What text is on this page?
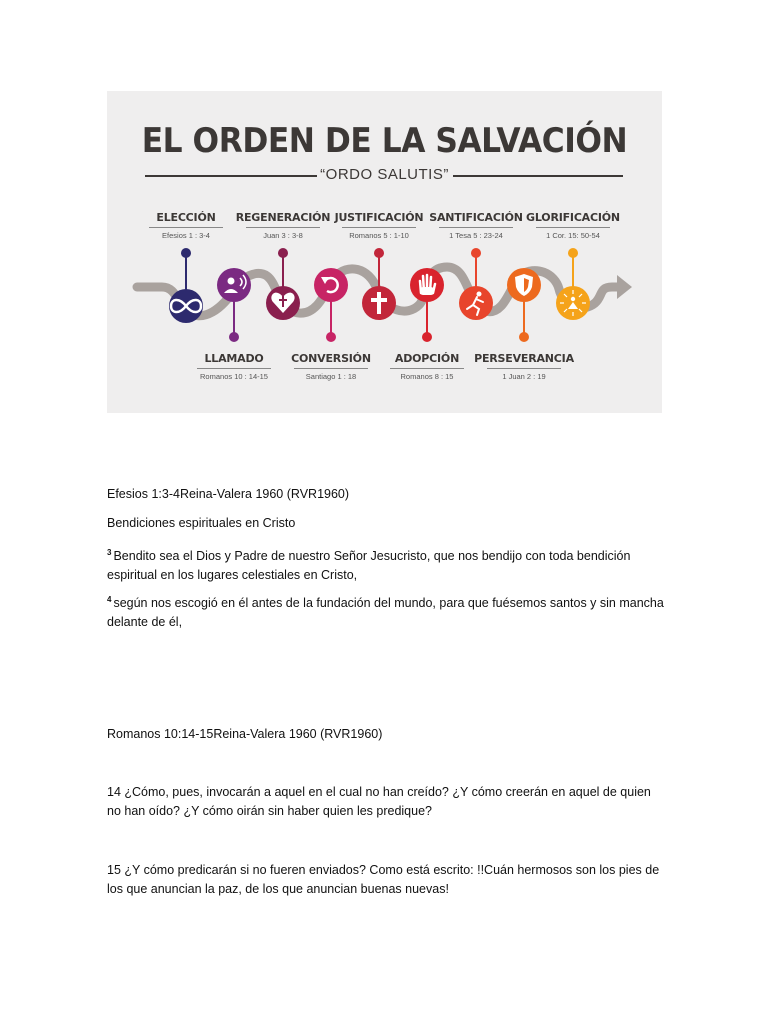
EL ORDEN DE LA SALVACIÓN
“ORDO SALUTIS”
ELECCIÓN
Efesios 1 : 3-4
REGENERACIÓN
Juan 3 : 3-8
JUSTIFICACIÓN
Romanos 5 : 1-10
SANTIFICACIÓN
1 Tesa 5 : 23-24
GLORIFICACIÓN
1 Cor. 15: 50-54
LLAMADO
Romanos 10 : 14-15
CONVERSIÓN
Santiago 1 : 18
ADOPCIÓN
Romanos 8 : 15
PERSEVERANCIA
1 Juan 2 : 19

Efesios 1:3-4Reina-Valera 1960 (RVR1960)

Bendiciones espirituales en Cristo

$^3$ Bendito sea el Dios y Padre de nuestro Señor Jesucristo, que nos bendijo con toda bendición espiritual en los lugares celestiales en Cristo,

$^4$ según nos escogió en él antes de la fundación del mundo, para que fuésemos santos y sin mancha delante de él,

Romanos 10:14-15Reina-Valera 1960 (RVR1960)

14 ¿Cómo, pues, invocarán a aquel en el cual no han creído? ¿Y cómo creerán en aquel de quien no han oído? ¿Y cómo oirán sin haber quien les predique?

15 ¿Y cómo predicarán si no fueren enviados? Como está escrito: !!Cuán hermosos son los pies de los que anuncian la paz, de los que anuncian buenas nuevas!
